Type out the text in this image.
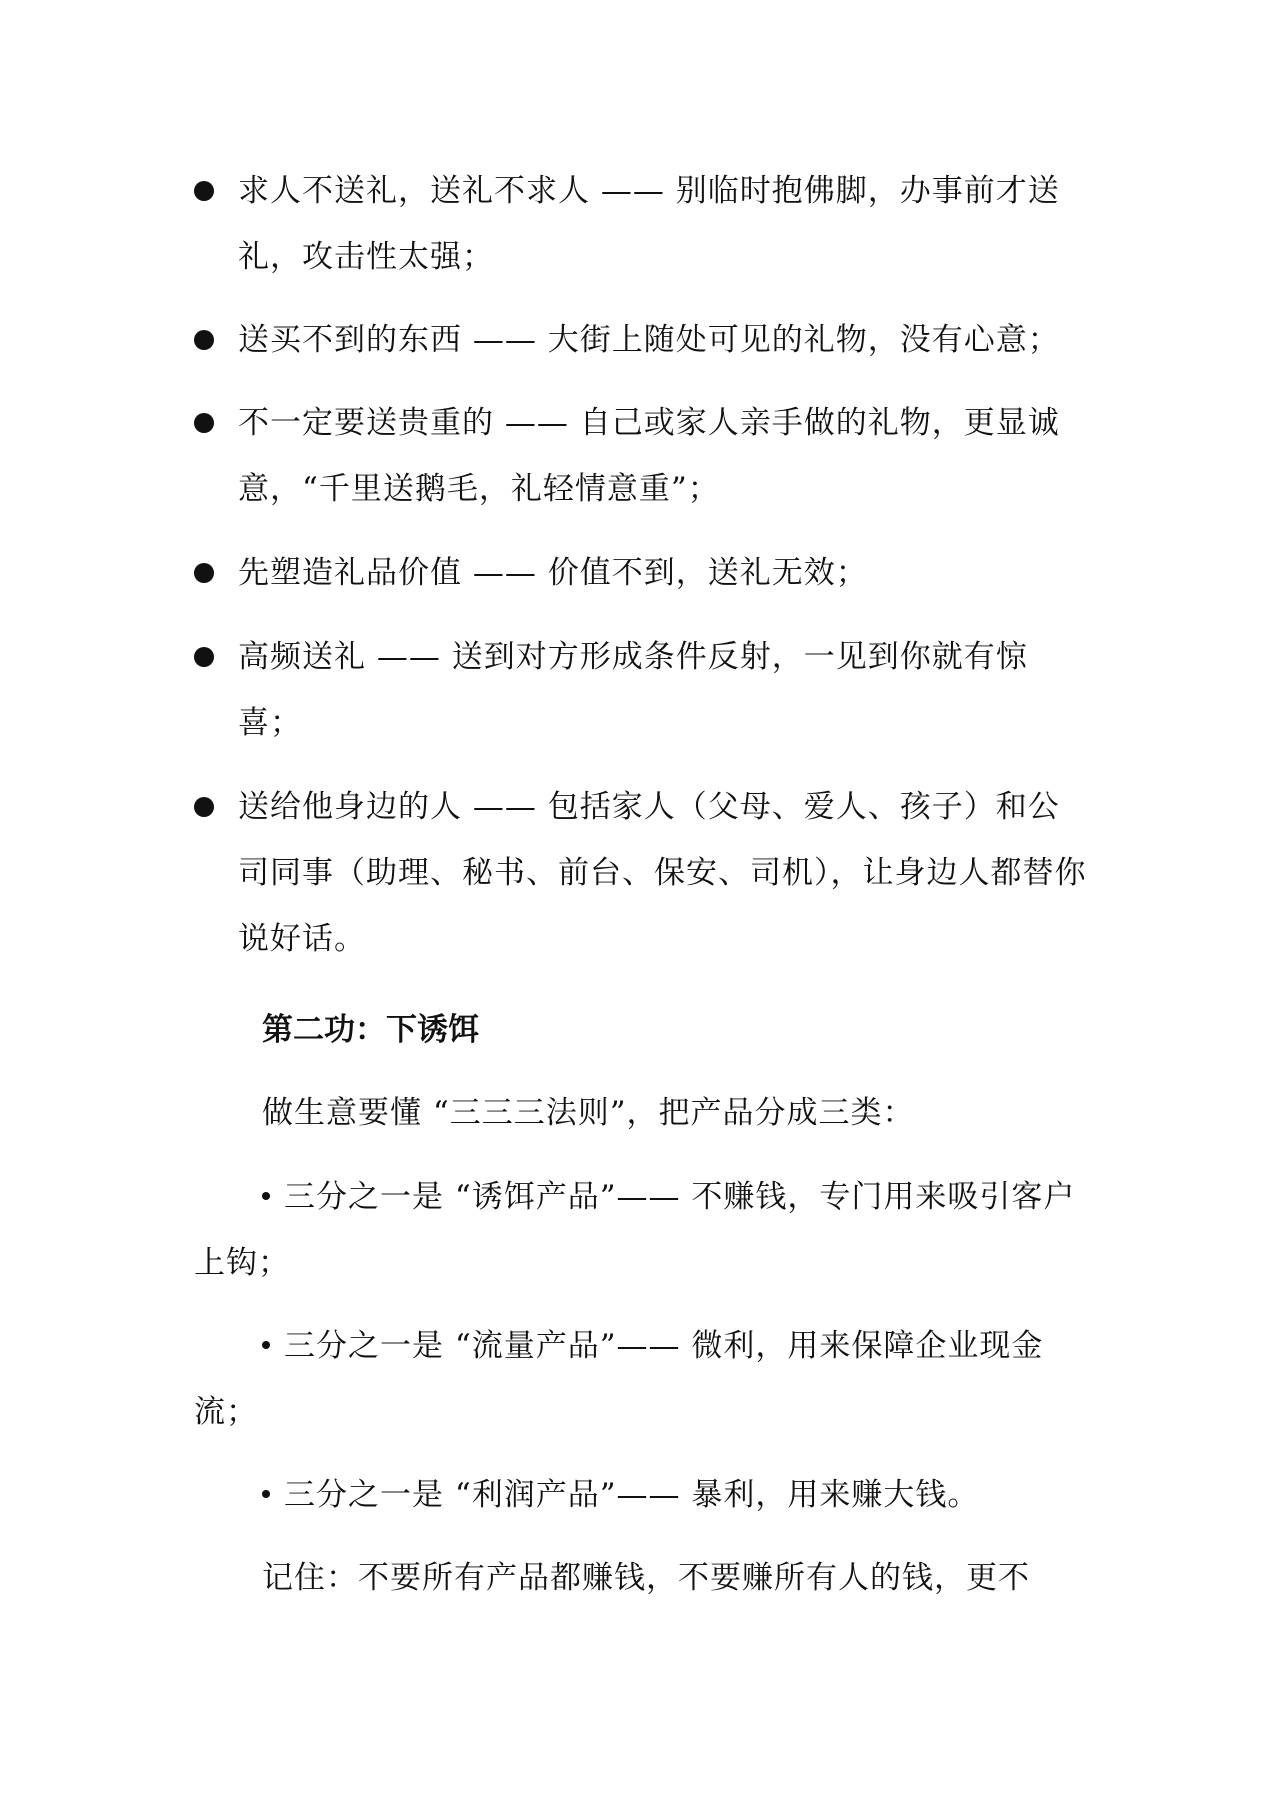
求人不送礼，送礼不求人 —— 别临时抱佛脚，办事前才送礼，攻击性太强；
送买不到的东西 —— 大街上随处可见的礼物，没有心意；
不一定要送贵重的 —— 自己或家人亲手做的礼物，更显诚意，“千里送鹅毛，礼轻情意重”；
先塑造礼品价值 —— 价值不到，送礼无效；
高频送礼 —— 送到对方形成条件反射，一见到你就有惊喜；
送给他身边的人 —— 包括家人（父母、爱人、孩子）和公司同事（助理、秘书、前台、保安、司机），让身边人都替你说好话。
第二功：下诱饵
做生意要懂 “三三三法则”，把产品分成三类：
三分之一是 “诱饵产品”—— 不赚钱，专门用来吸引客户上钩；
三分之一是 “流量产品”—— 微利，用来保障企业现金流；
三分之一是 “利润产品”—— 暴利，用来赚大钱。
记住：不要所有产品都赚钱，不要赚所有人的钱，更不
